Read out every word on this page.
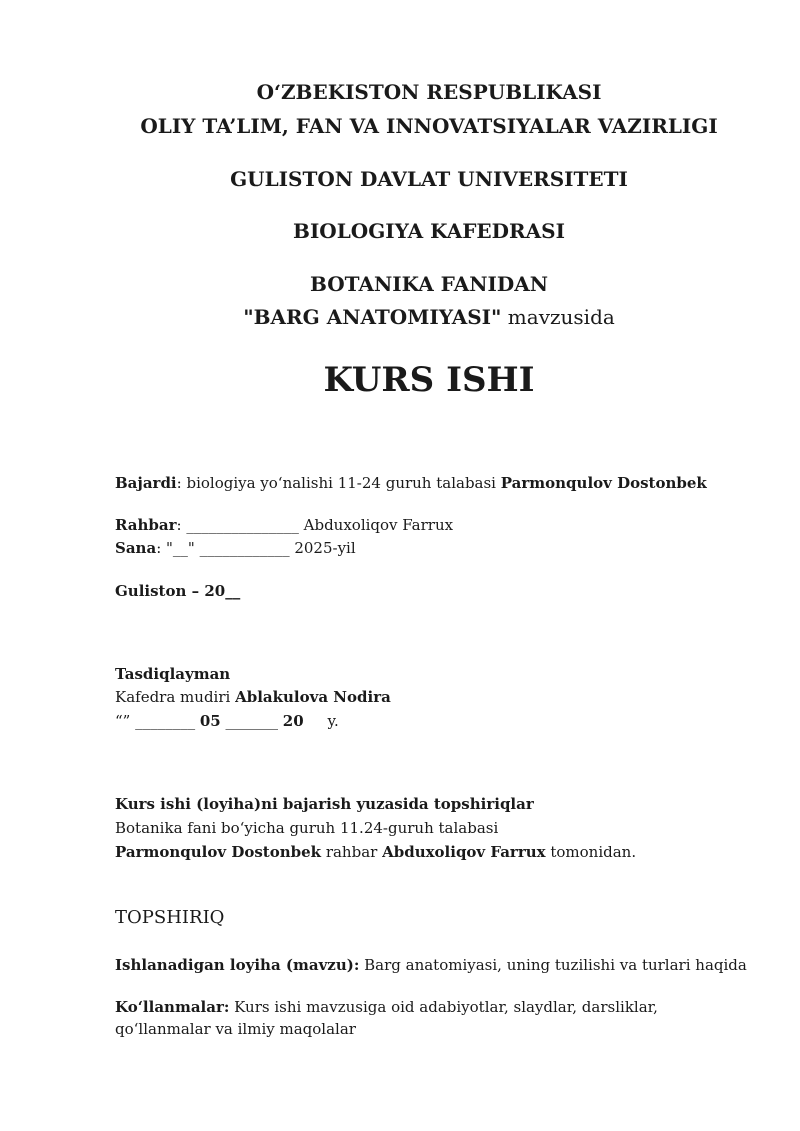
O‘ZBEKISTON RESPUBLIKASI
OLIY TA’LIM, FAN VA INNOVATSIYALAR VAZIRLIGI
GULISTON DAVLAT UNIVERSITETI
BIOLOGIYA KAFEDRASI
BOTANIKA FANIDAN
"BARG ANATOMIYASI" mavzusida
KURS ISHI
Bajardi: biologiya yo‘nalishi 11-24 guruh talabasi Parmonqulov Dostonbek
Rahbar: _______________ Abduxoliqov Farrux
Sana: "__" ____________ 2025-yil
Guliston – 20__
Tasdiqlayman
Kafedra mudiri Ablakulova Nodira
“” ________ 05 _______ 20     y.
Kurs ishi (loyiha)ni bajarish yuzasida topshiriqlar
Botanika fani bo‘yicha guruh 11.24-guruh talabasi
Parmonqulov Dostonbek rahbar Abduxoliqov Farrux tomonidan.
TOPSHIRIQ
Ishlanadigan loyiha (mavzu): Barg anatomiyasi, uning tuzilishi va turlari haqida
Ko‘llanmalar: Kurs ishi mavzusiga oid adabiyotlar, slaydlar, darsliklar, qo‘llanmalar va ilmiy maqolalar
